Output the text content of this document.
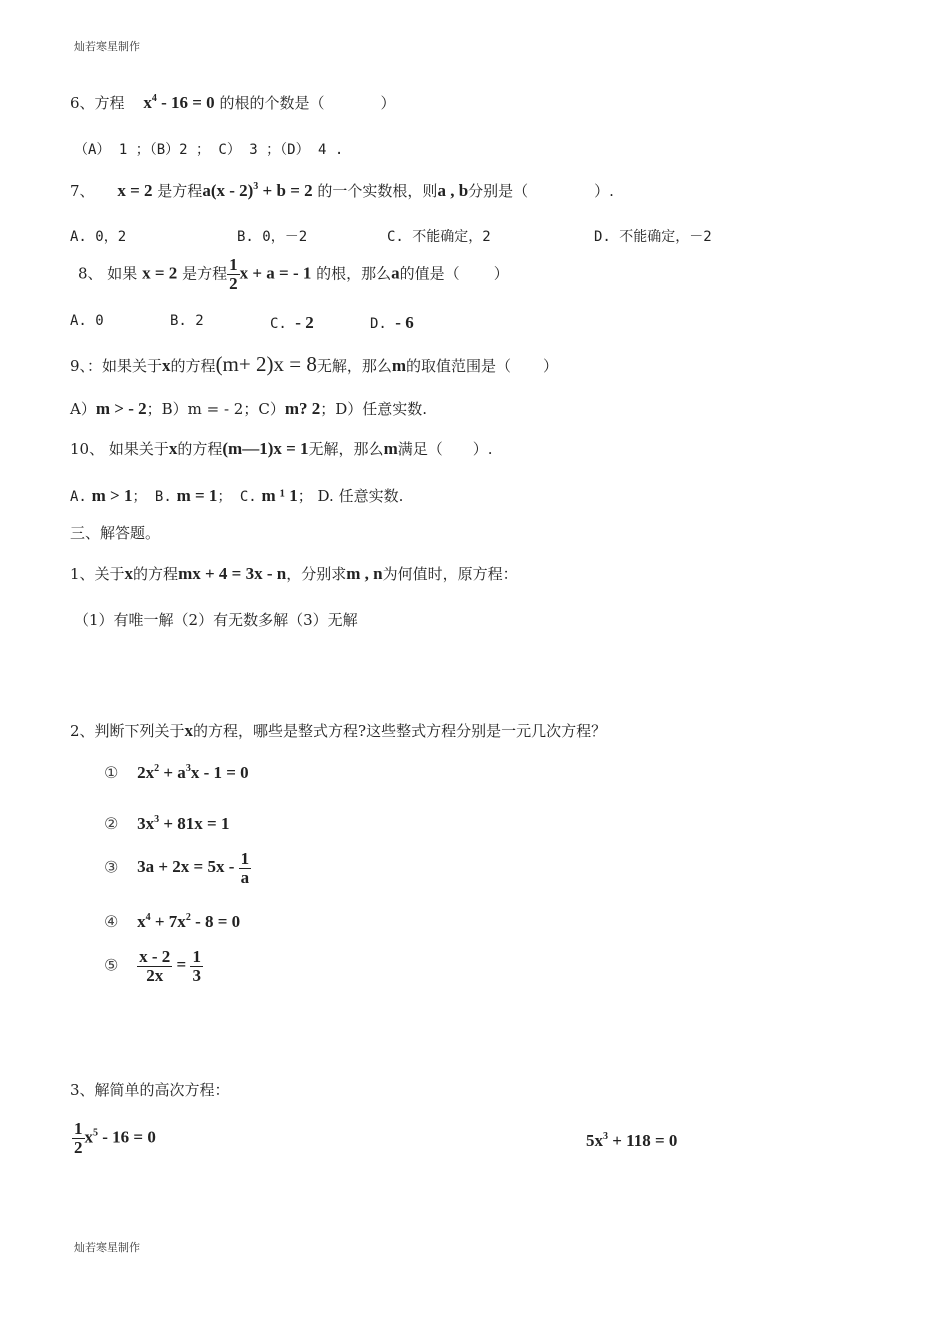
灿若寒星制作
6、方程 $x^4 - 16 = 0$ 的根的个数是（	）
（A） 1 ；（B）2 ； C） 3 ；（D） 4 .
7、 x = 2 是方程a(x - 2)$^3$ + b = 2 的一个实数根，则a , b分别是（	）.
A. 0，2	B. 0，－2	C. 不能确定，2	D. 不能确定，－2
8、 如果 x = 2 是方程 $\frac{1}{2}$ x + a = - 1 的根，那么a的值是（ ）
A. 0	B. 2	C. - 2	D. - 6
9、：如果关于x的方程(m+ 2)x = 8无解，那么m的取值范围是（ ）
A）m > - 2；B）m = - 2；C）m? 2；D）任意实数.
10、 如果关于x的方程(m—1)x = 1无解，那么m满足（ ）.
A. m > 1； B. m = 1； C. m ¹ 1； D. 任意实数.
三、解答题。
1、关于x的方程mx + 4 = 3x - n，分别求m , n为何值时，原方程：
（1）有唯一解（2）有无数多解（3）无解
2、判断下列关于x的方程，哪些是整式方程?这些整式方程分别是一元几次方程？
① $2x^2 + a^3x - 1 = 0$
② $3x^3 + 81x = 1$
③ $3a + 2x = 5x - \frac{1}{a}$
④ $x^4 + 7x^2 - 8 = 0$
⑤ $\frac{x - 2}{2x} = \frac{1}{3}$
3、解简单的高次方程：
$\frac{1}{2} x^5 - 16 = 0$	$5x^3 + 118 = 0$
灿若寒星制作
